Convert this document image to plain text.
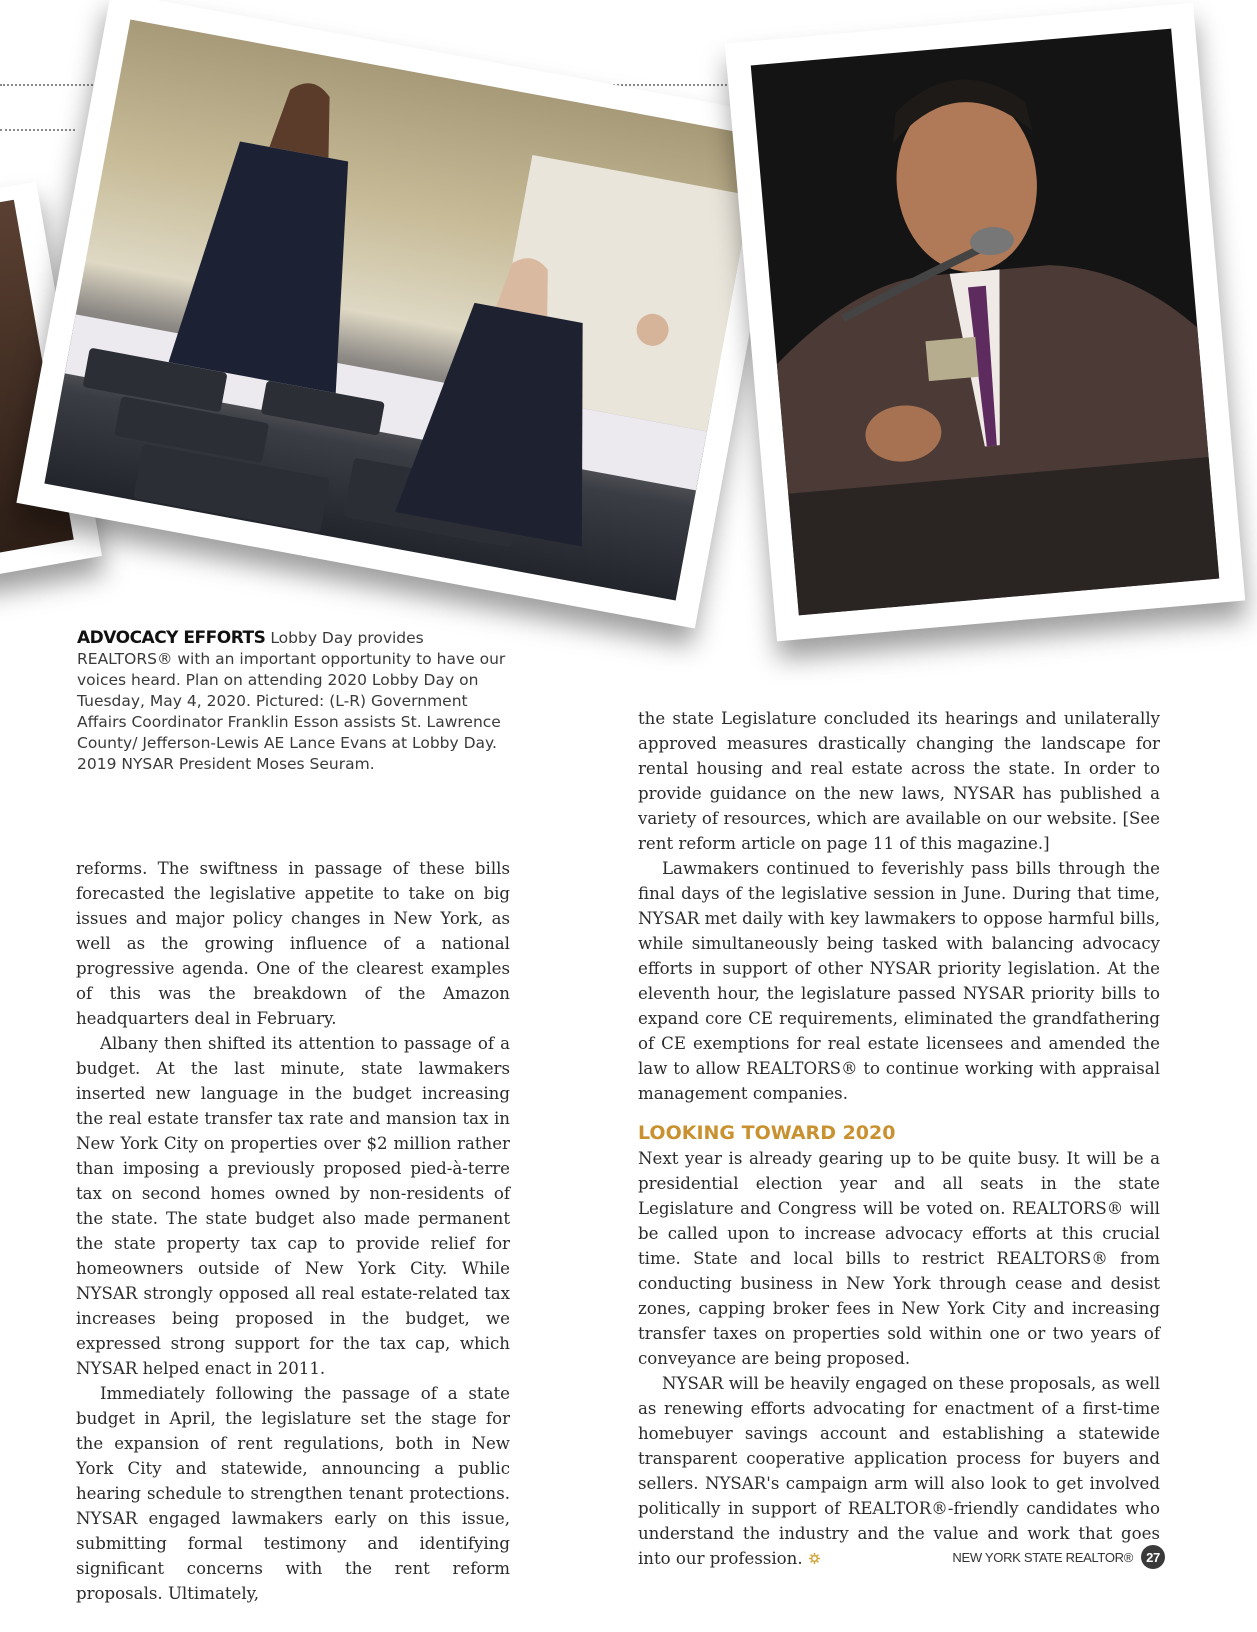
ADVOCACY EFFORTS Lobby Day provides REALTORS® with an important opportunity to have our voices heard. Plan on attending 2020 Lobby Day on Tuesday, May 4, 2020. Pictured: (L-R) Government Affairs Coordinator Franklin Esson assists St. Lawrence County/ Jefferson-Lewis AE Lance Evans at Lobby Day. 2019 NYSAR President Moses Seuram.

reforms. The swiftness in passage of these bills forecasted the legislative appetite to take on big issues and major policy changes in New York, as well as the growing influence of a national progressive agenda. One of the clearest examples of this was the breakdown of the Amazon headquarters deal in February.

Albany then shifted its attention to passage of a budget. At the last minute, state lawmakers inserted new language in the budget increasing the real estate transfer tax rate and mansion tax in New York City on properties over $2 million rather than imposing a previously proposed pied-à-terre tax on second homes owned by non-residents of the state. The state budget also made permanent the state property tax cap to provide relief for homeowners outside of New York City. While NYSAR strongly opposed all real estate-related tax increases being proposed in the budget, we expressed strong support for the tax cap, which NYSAR helped enact in 2011.

Immediately following the passage of a state budget in April, the legislature set the stage for the expansion of rent regulations, both in New York City and statewide, announcing a public hearing schedule to strengthen tenant protections. NYSAR engaged lawmakers early on this issue, submitting formal testimony and identifying significant concerns with the rent reform proposals. Ultimately,

the state Legislature concluded its hearings and unilaterally approved measures drastically changing the landscape for rental housing and real estate across the state. In order to provide guidance on the new laws, NYSAR has published a variety of resources, which are available on our website. [See rent reform article on page 11 of this magazine.]

Lawmakers continued to feverishly pass bills through the final days of the legislative session in June. During that time, NYSAR met daily with key lawmakers to oppose harmful bills, while simultaneously being tasked with balancing advocacy efforts in support of other NYSAR priority legislation. At the eleventh hour, the legislature passed NYSAR priority bills to expand core CE requirements, eliminated the grandfathering of CE exemptions for real estate licensees and amended the law to allow REALTORS® to continue working with appraisal management companies.

LOOKING TOWARD 2020

Next year is already gearing up to be quite busy. It will be a presidential election year and all seats in the state Legislature and Congress will be voted on. REALTORS® will be called upon to increase advocacy efforts at this crucial time. State and local bills to restrict REALTORS® from conducting business in New York through cease and desist zones, capping broker fees in New York City and increasing transfer taxes on properties sold within one or two years of conveyance are being proposed.

NYSAR will be heavily engaged on these proposals, as well as renewing efforts advocating for enactment of a first-time homebuyer savings account and establishing a statewide transparent cooperative application process for buyers and sellers. NYSAR's campaign arm will also look to get involved politically in support of REALTOR®-friendly candidates who understand the industry and the value and work that goes into our profession.	NEW YORK STATE REALTOR®	27
